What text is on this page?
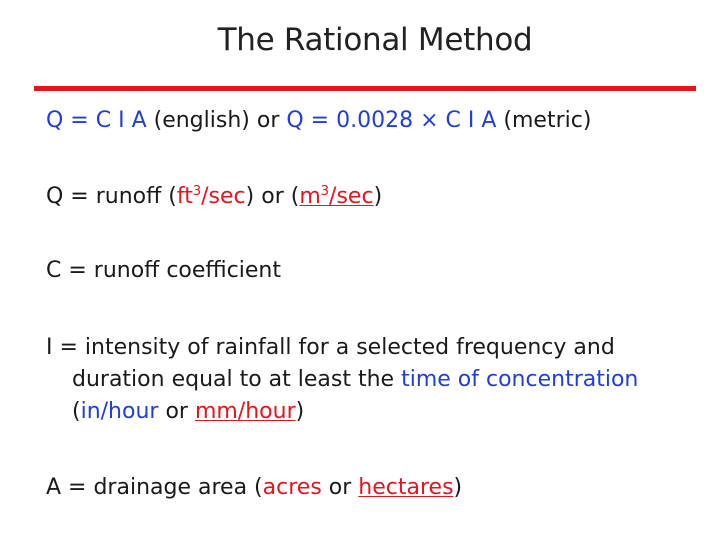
The Rational Method
Q = C I A (english) or Q = 0.0028 × C I A (metric)
Q = runoff $(ft^3/\sec)$ or $(m^3/\sec)$
C = runoff coefficient
I = intensity of rainfall for a selected frequency and
duration equal to at least the time of concentration
(in/hour or mm/hour)
A = drainage area (acres or hectares)
